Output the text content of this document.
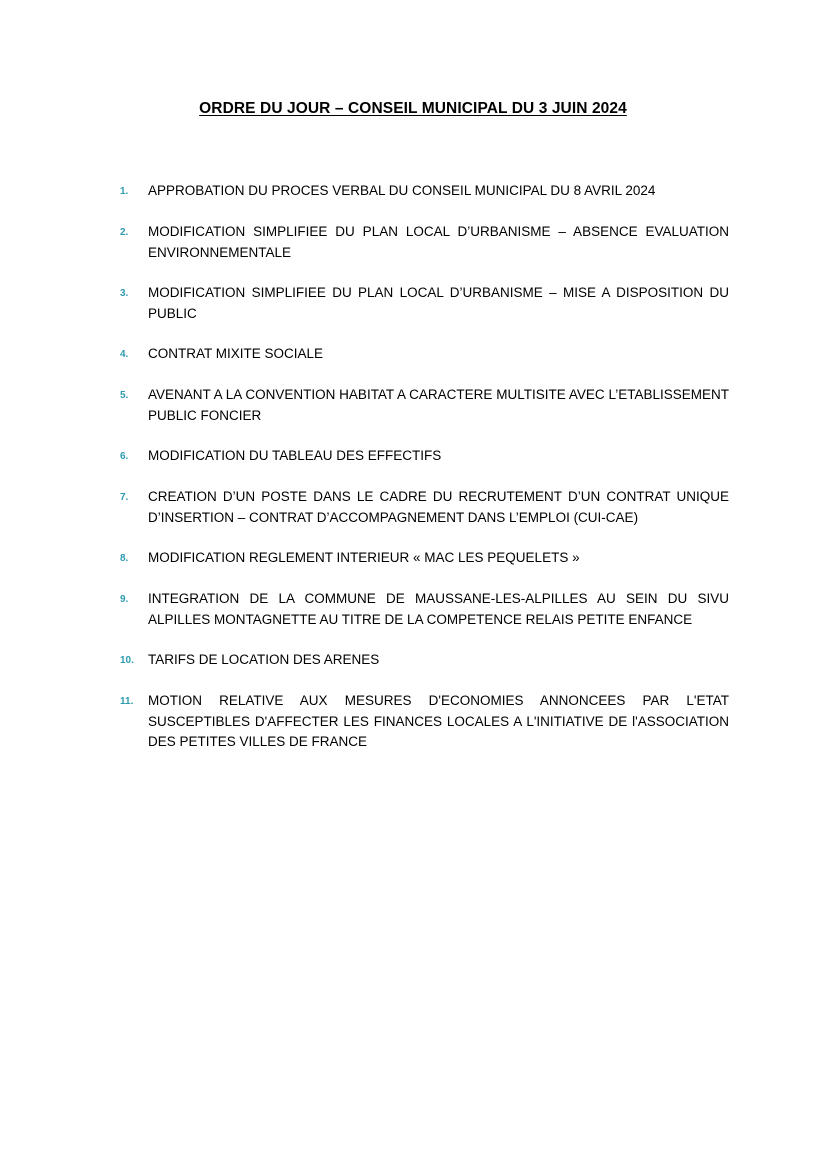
ORDRE DU JOUR – CONSEIL MUNICIPAL DU 3 JUIN 2024
1.	APPROBATION DU PROCES VERBAL DU CONSEIL MUNICIPAL DU 8 AVRIL 2024
2.	MODIFICATION SIMPLIFIEE DU PLAN LOCAL D’URBANISME – ABSENCE EVALUATION ENVIRONNEMENTALE
3.	MODIFICATION SIMPLIFIEE DU PLAN LOCAL D’URBANISME – MISE A DISPOSITION DU PUBLIC
4.	CONTRAT MIXITE SOCIALE
5.	AVENANT A LA CONVENTION HABITAT A CARACTERE MULTISITE AVEC L’ETABLISSEMENT PUBLIC FONCIER
6.	MODIFICATION DU TABLEAU DES EFFECTIFS
7.	CREATION D’UN POSTE DANS LE CADRE DU RECRUTEMENT D’UN CONTRAT UNIQUE D’INSERTION – CONTRAT D’ACCOMPAGNEMENT DANS L’EMPLOI (CUI-CAE)
8.	MODIFICATION REGLEMENT INTERIEUR « MAC LES PEQUELETS »
9.	INTEGRATION DE LA COMMUNE DE MAUSSANE-LES-ALPILLES AU SEIN DU SIVU ALPILLES MONTAGNETTE AU TITRE DE LA COMPETENCE RELAIS PETITE ENFANCE
10.	TARIFS DE LOCATION DES ARENES
11.	MOTION RELATIVE AUX MESURES D'ECONOMIES ANNONCEES PAR L'ETAT SUSCEPTIBLES D'AFFECTER LES FINANCES LOCALES A L'INITIATIVE DE l'ASSOCIATION DES PETITES VILLES DE FRANCE
